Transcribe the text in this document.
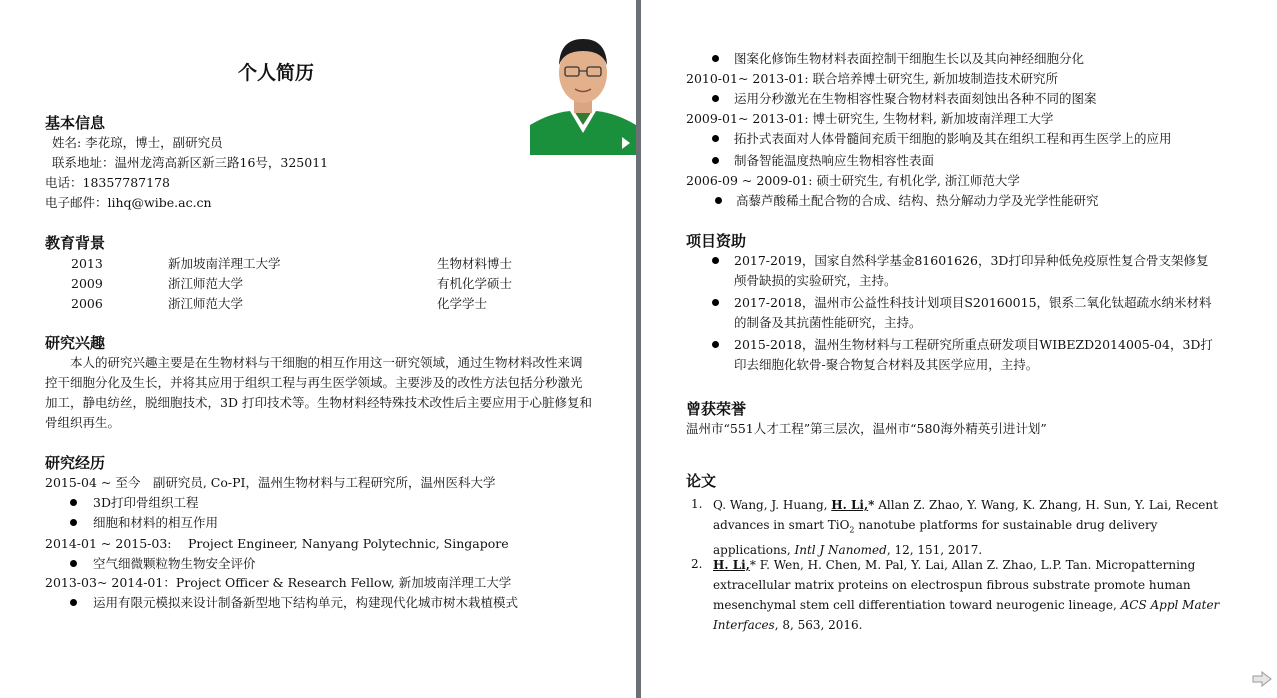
个人简历
基本信息
姓名: 李花琼，博士，副研究员
联系地址：温州龙湾高新区新三路16号，325011
电话：18357787178
电子邮件：lihq@wibe.ac.cn
教育背景
2013	新加坡南洋理工大学	生物材料博士
2009	浙江师范大学	有机化学硕士
2006	浙江师范大学	化学学士
研究兴趣
本人的研究兴趣主要是在生物材料与干细胞的相互作用这一研究领域，通过生物材料改性来调控干细胞分化及生长，并将其应用于组织工程与再生医学领域。主要涉及的改性方法包括分秒激光加工，静电纺丝，脱细胞技术，3D 打印技术等。生物材料经特殊技术改性后主要应用于心脏修复和骨组织再生。
研究经历
2015-04 ~ 至今　副研究员, Co-PI，温州生物材料与工程研究所，温州医科大学
3D打印骨组织工程
细胞和材料的相互作用
2014-01 ~ 2015-03:　 Project Engineer, Nanyang Polytechnic, Singapore
空气细微颗粒物生物安全评价
2013-03~ 2014-01：Project Officer & Research Fellow, 新加坡南洋理工大学
运用有限元模拟来设计制备新型地下结构单元，构建现代化城市树木栽植模式
图案化修饰生物材料表面控制干细胞生长以及其向神经细胞分化
2010-01~ 2013-01: 联合培养博士研究生, 新加坡制造技术研究所
运用分秒激光在生物相容性聚合物材料表面刻蚀出各种不同的图案
2009-01~ 2013-01: 博士研究生, 生物材料, 新加坡南洋理工大学
拓扑式表面对人体骨髓间充质干细胞的影响及其在组织工程和再生医学上的应用
制备智能温度热响应生物相容性表面
2006-09 ~ 2009-01: 硕士研究生, 有机化学, 浙江师范大学
高藜芦酸稀土配合物的合成、结构、热分解动力学及光学性能研究
项目资助
2017-2019，国家自然科学基金81601626，3D打印异种低免疫原性复合骨支架修复
颅骨缺损的实验研究，主持。
2017-2018，温州市公益性科技计划项目S20160015，银系二氧化钛超疏水纳米材料
的制备及其抗菌性能研究，主持。
2015-2018，温州生物材料与工程研究所重点研发项目WIBEZD2014005-04，3D打
印去细胞化软骨-聚合物复合材料及其医学应用，主持。
曾获荣誉
温州市“551人才工程”第三层次，温州市“580海外精英引进计划”
论文
1. Q. Wang, J. Huang, H. Li,* Allan Z. Zhao, Y. Wang, K. Zhang, H. Sun, Y. Lai, Recent advances in smart TiO$_2$ nanotube platforms for sustainable drug delivery applications, Intl J Nanomed, 12, 151, 2017.
2. H. Li,* F. Wen, H. Chen, M. Pal, Y. Lai, Allan Z. Zhao, L.P. Tan. Micropatterning extracellular matrix proteins on electrospun fibrous substrate promote human mesenchymal stem cell differentiation toward neurogenic lineage, ACS Appl Mater Interfaces, 8, 563, 2016.
